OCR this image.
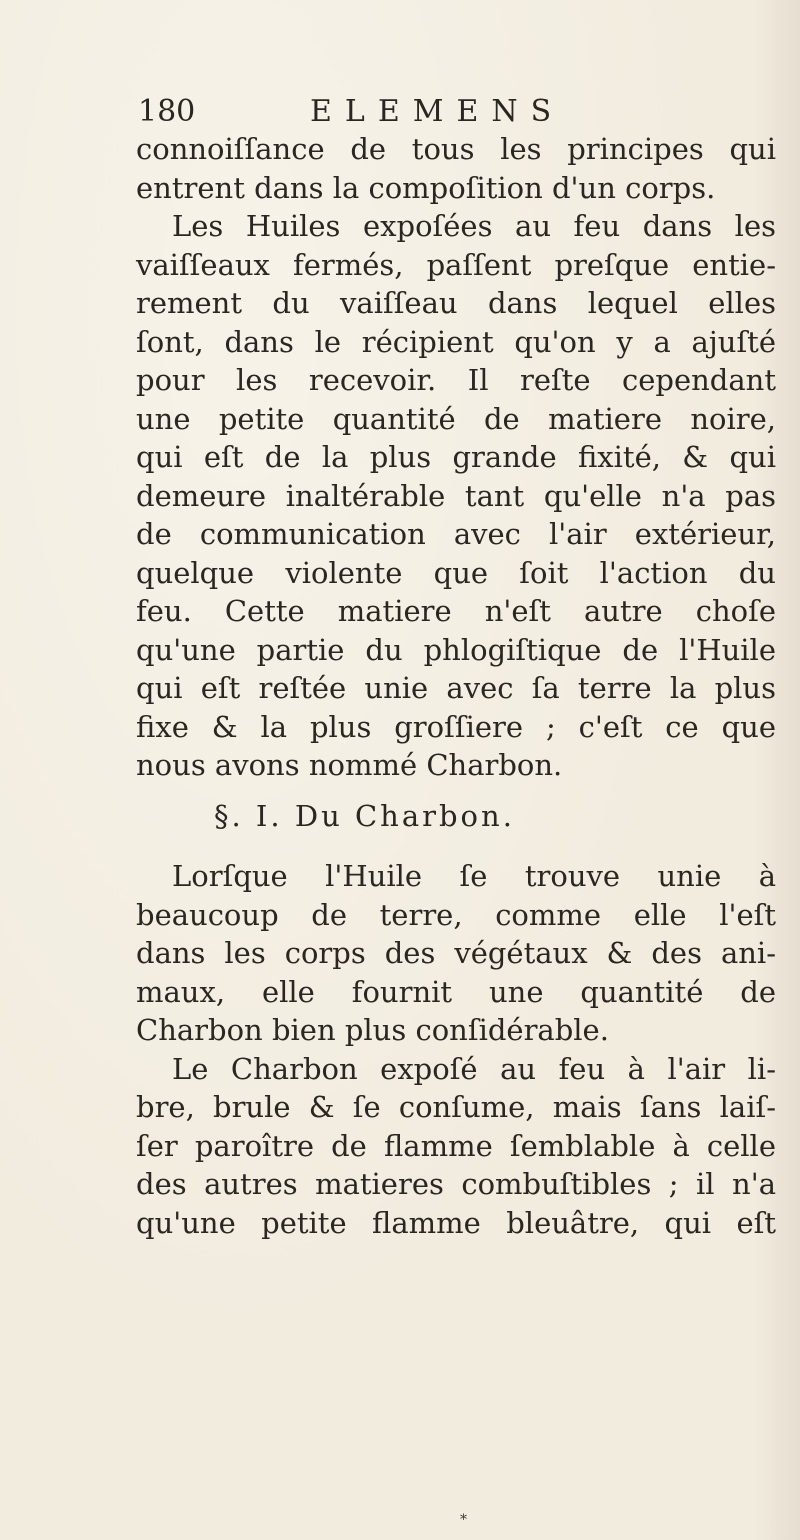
180	ELEMENS
connoiſſance de tous les principes qui
entrent dans la compoſition d'un corps.
Les Huiles expoſées au feu dans les
vaiſſeaux fermés, paſſent preſque entie-
rement du vaiſſeau dans lequel elles
ſont, dans le récipient qu'on y a ajuſté
pour les recevoir. Il reſte cependant
une petite quantité de matiere noire,
qui eſt de la plus grande fixité, & qui
demeure inaltérable tant qu'elle n'a pas
de communication avec l'air extérieur,
quelque violente que ſoit l'action du
feu. Cette matiere n'eſt autre choſe
qu'une partie du phlogiſtique de l'Huile
qui eſt reſtée unie avec ſa terre la plus
fixe & la plus groſſiere ; c'eſt ce que
nous avons nommé Charbon.
§. I. Du Charbon.
Lorſque l'Huile ſe trouve unie à
beaucoup de terre, comme elle l'eſt
dans les corps des végétaux & des ani-
maux, elle fournit une quantité de
Charbon bien plus conſidérable.
Le Charbon expoſé au feu à l'air li-
bre, brule & ſe conſume, mais ſans laiſ-
ſer paroître de flamme ſemblable à celle
des autres matieres combuſtibles ; il n'a
qu'une petite flamme bleuâtre, qui eſt
*
